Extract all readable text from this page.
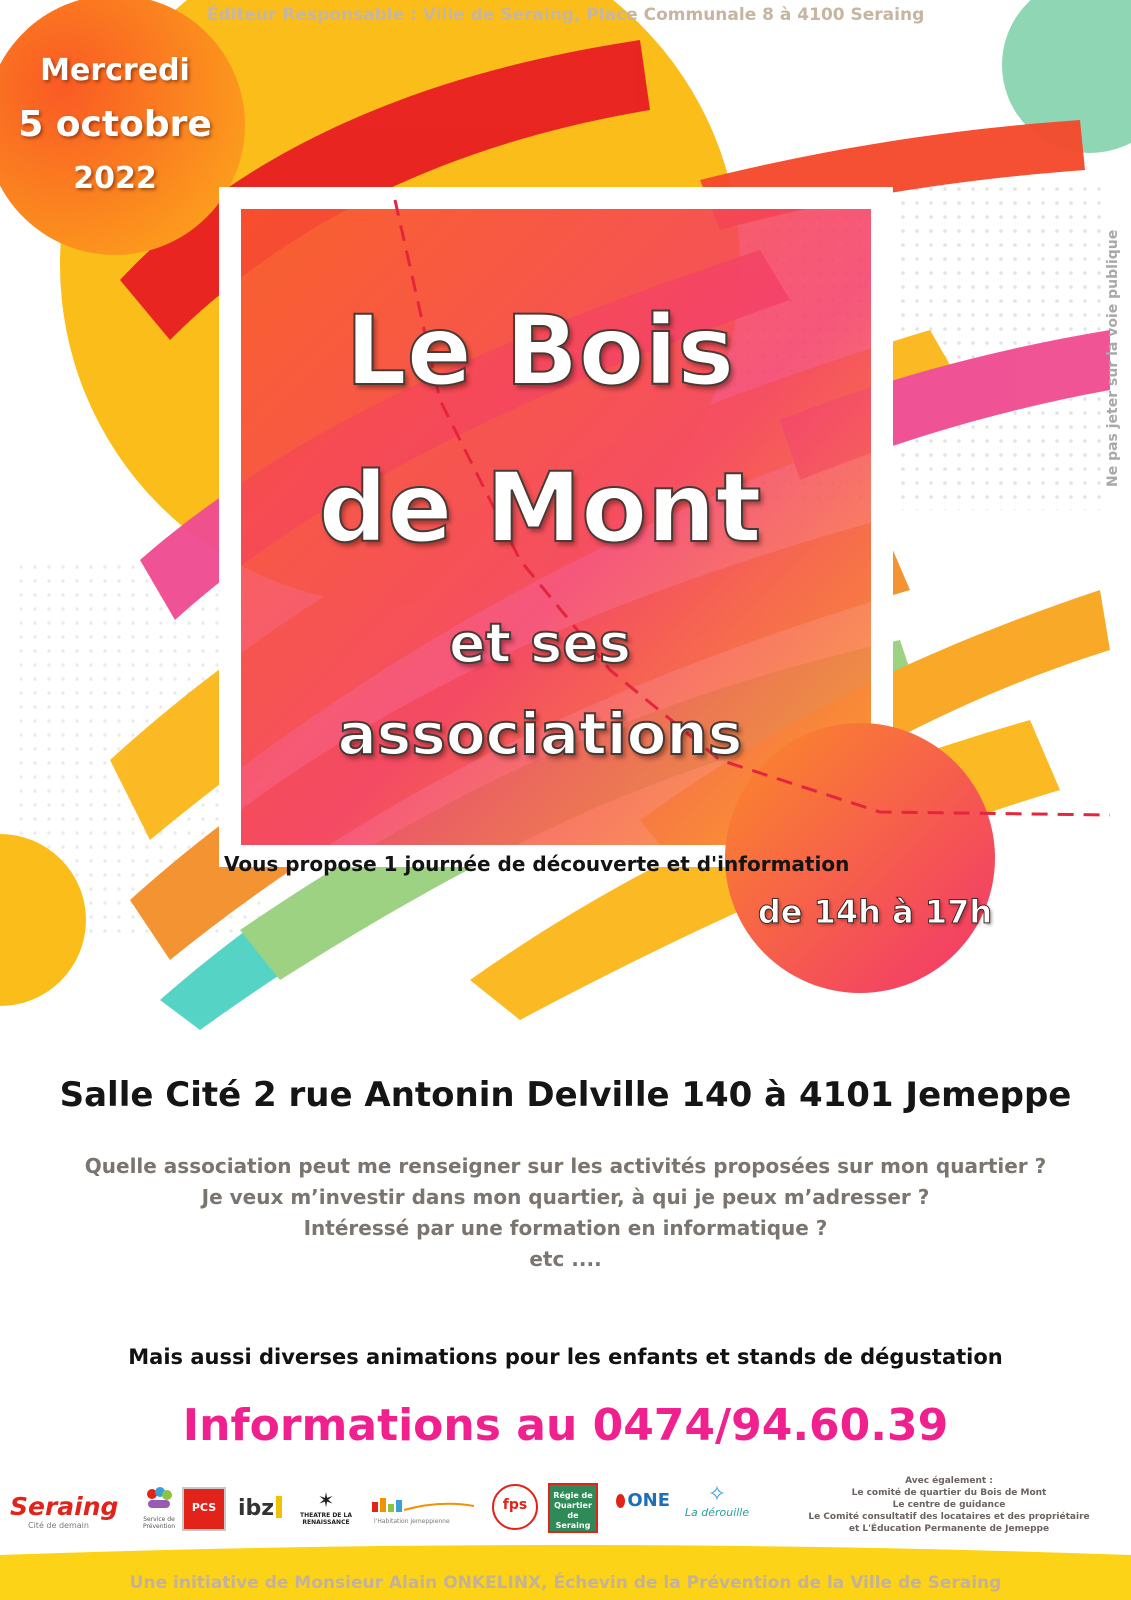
Éditeur Responsable : Ville de Seraing, Place Communale 8 à 4100 Seraing
Mercredi
5 octobre
2022
Ne pas jeter sur la voie publique
Le Bois
de Mont
et ses
associations
Vous propose 1 journée de découverte et d'information
de 14h à 17h
Salle Cité 2 rue Antonin Delville 140 à 4101 Jemeppe
Quelle association peut me renseigner sur les activités proposées sur mon quartier ?
Je veux m’investir dans mon quartier, à qui je peux m’adresser ?
Intéressé par une formation en informatique ?
etc ....
Mais aussi diverses animations pour les enfants et stands de dégustation
Informations au 0474/94.60.39
Seraing
Cité de demain
Service de Prévention
PCS ibz	✶
THEATRE DE LA RENAISSANCE	l'Habitation Jemeppienne
fps
Régie de Quartier de Seraing
ONE	✧
La dérouille
Avec également :
Le comité de quartier du Bois de Mont
Le centre de guidance
Le Comité consultatif des locataires et des propriétaire
et L'Éducation Permanente de Jemeppe
Une initiative de Monsieur Alain ONKELINX, Échevin de la Prévention de la Ville de Seraing
